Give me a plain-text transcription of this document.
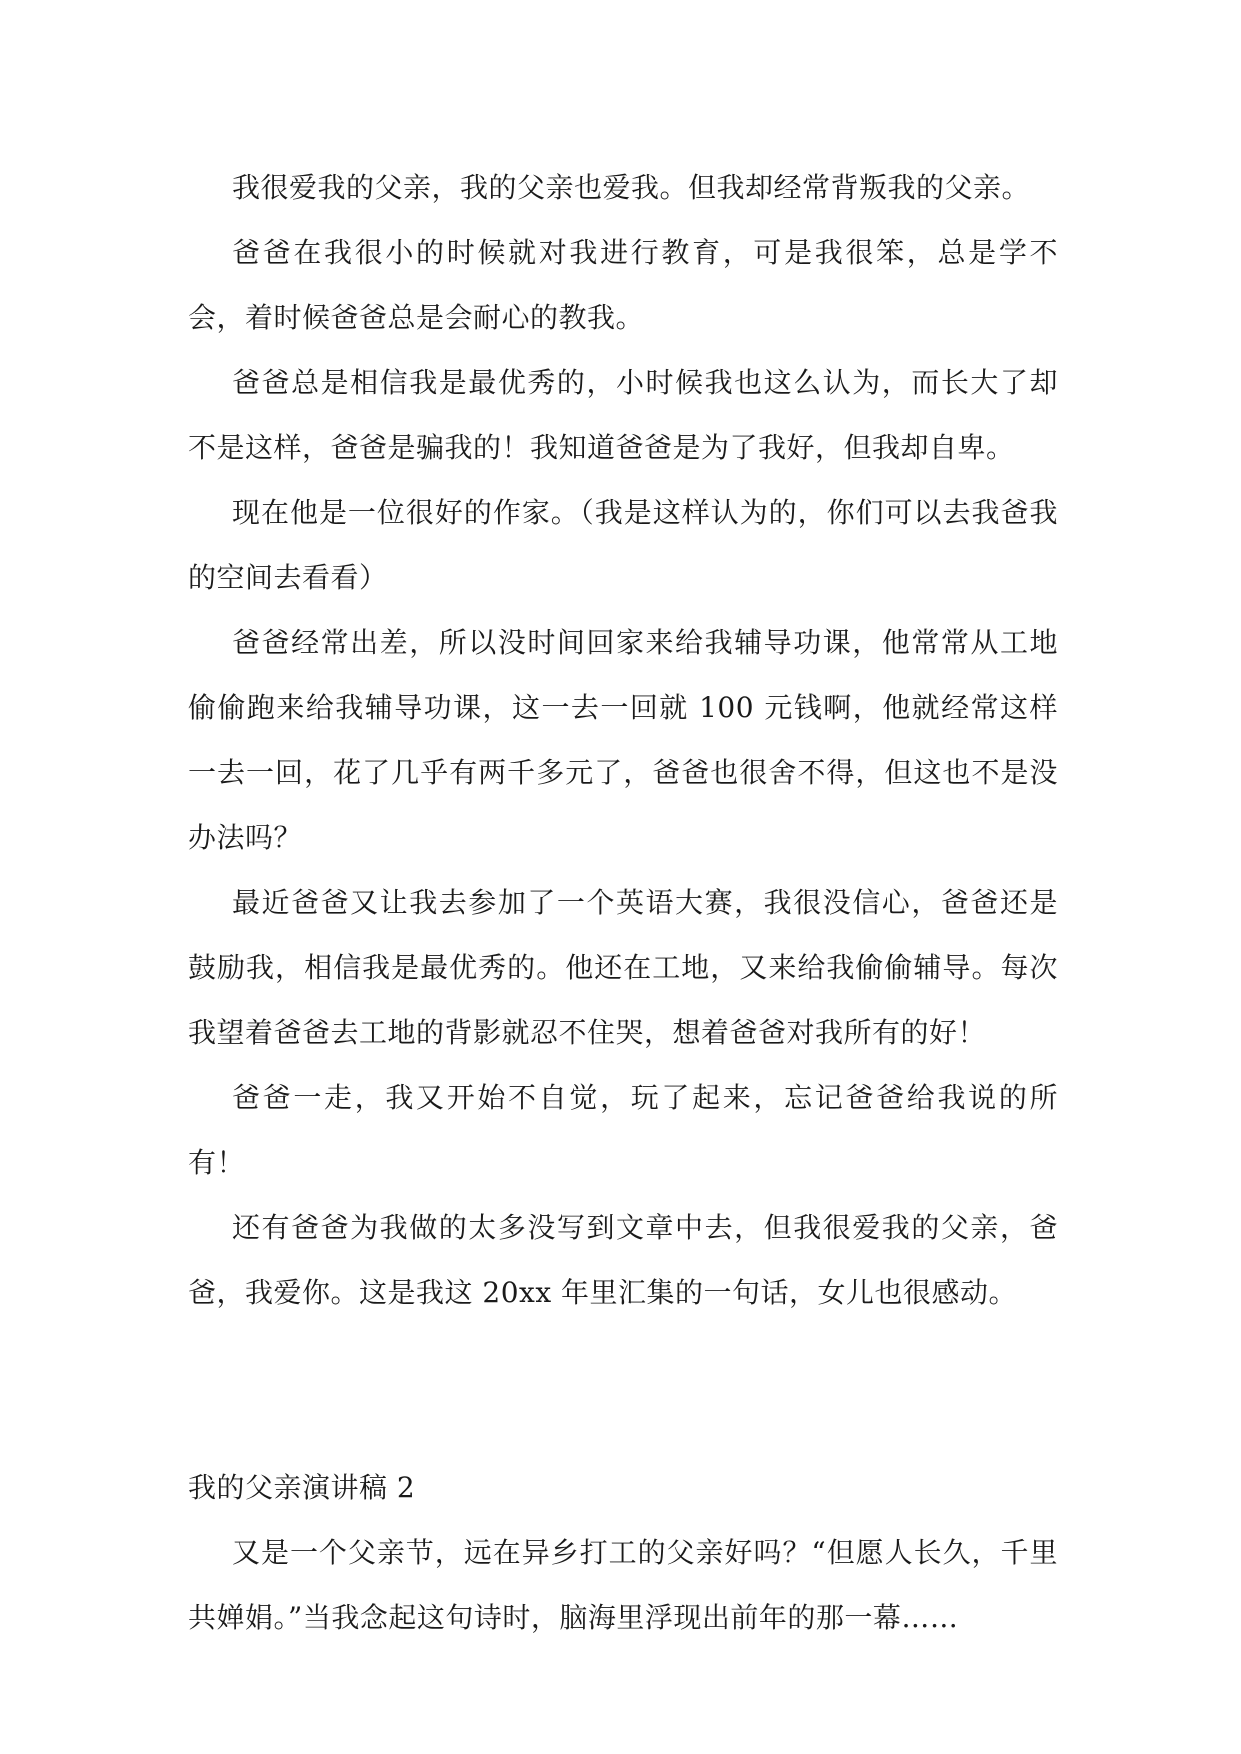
我很爱我的父亲，我的父亲也爱我。但我却经常背叛我的父亲。

爸爸在我很小的时候就对我进行教育，可是我很笨，总是学不会，着时候爸爸总是会耐心的教我。

爸爸总是相信我是最优秀的，小时候我也这么认为，而长大了却不是这样，爸爸是骗我的！我知道爸爸是为了我好，但我却自卑。

现在他是一位很好的作家。（我是这样认为的，你们可以去我爸我的空间去看看）

爸爸经常出差，所以没时间回家来给我辅导功课，他常常从工地偷偷跑来给我辅导功课，这一去一回就 100 元钱啊，他就经常这样一去一回，花了几乎有两千多元了，爸爸也很舍不得，但这也不是没办法吗？

最近爸爸又让我去参加了一个英语大赛，我很没信心，爸爸还是鼓励我，相信我是最优秀的。他还在工地，又来给我偷偷辅导。每次我望着爸爸去工地的背影就忍不住哭，想着爸爸对我所有的好！

爸爸一走，我又开始不自觉，玩了起来，忘记爸爸给我说的所有！

还有爸爸为我做的太多没写到文章中去，但我很爱我的父亲，爸爸，我爱你。这是我这 20xx 年里汇集的一句话，女儿也很感动。

我的父亲演讲稿 2

又是一个父亲节，远在异乡打工的父亲好吗？“但愿人长久，千里共婵娟。”当我念起这句诗时，脑海里浮现出前年的那一幕……
